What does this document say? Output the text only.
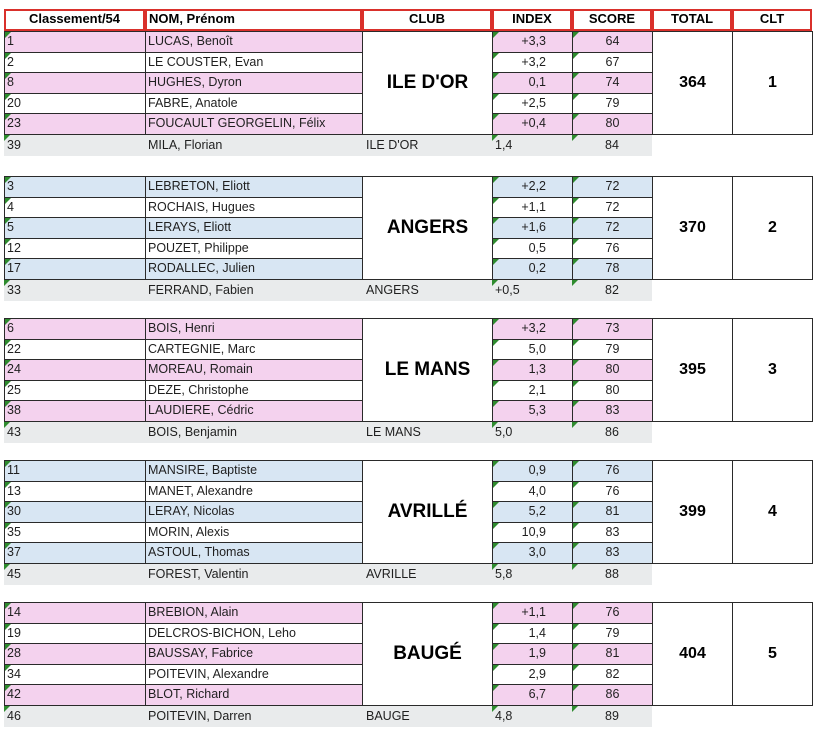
Classement/54	NOM, Prénom	CLUB	INDEX	SCORE	TOTAL	CLT
1	LUCAS, Benoît	+3,3	64
2	LE COUSTER, Evan	+3,2	67
8	HUGHES, Dyron	0,1	74
20	FABRE, Anatole	+2,5	79
23	FOUCAULT GEORGELIN, Félix	+0,4	80
ILE D'OR	364	1
39	MILA, Florian	ILE D'OR	1,4	84
3	LEBRETON, Eliott	+2,2	72
4	ROCHAIS, Hugues	+1,1	72
5	LERAYS, Eliott	+1,6	72
12	POUZET, Philippe	0,5	76
17	RODALLEC, Julien	0,2	78
ANGERS	370	2
33	FERRAND, Fabien	ANGERS	+0,5	82
6	BOIS, Henri	+3,2	73
22	CARTEGNIE, Marc	5,0	79
24	MOREAU, Romain	1,3	80
25	DEZE, Christophe	2,1	80
38	LAUDIERE, Cédric	5,3	83
LE MANS	395	3
43	BOIS, Benjamin	LE MANS	5,0	86
11	MANSIRE, Baptiste	0,9	76
13	MANET, Alexandre	4,0	76
30	LERAY, Nicolas	5,2	81
35	MORIN, Alexis	10,9	83
37	ASTOUL, Thomas	3,0	83
AVRILLÉ	399	4
45	FOREST, Valentin	AVRILLE	5,8	88
14	BREBION, Alain	+1,1	76
19	DELCROS-BICHON, Leho	1,4	79
28	BAUSSAY, Fabrice	1,9	81
34	POITEVIN, Alexandre	2,9	82
42	BLOT, Richard	6,7	86
BAUGÉ	404	5
46	POITEVIN, Darren	BAUGE	4,8	89
